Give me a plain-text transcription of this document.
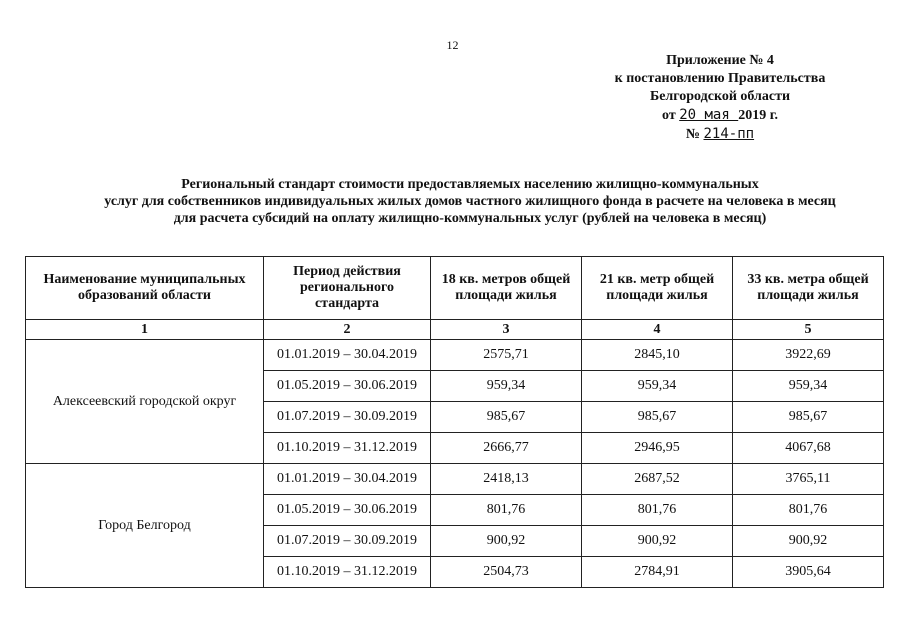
12
Приложение № 4
к постановлению Правительства
Белгородской области
от 20 мая 2019 г.
№ 214-пп
Региональный стандарт стоимости предоставляемых населению жилищно-коммунальных
услуг для собственников индивидуальных жилых домов частного жилищного фонда в расчете на человека в месяц
для расчета субсидий на оплату жилищно-коммунальных услуг (рублей на человека в месяц)
Наименование муниципальных образований области	Период действия регионального стандарта	18 кв. метров общей площади жилья	21 кв. метр общей площади жилья	33 кв. метра общей площади жилья
1	2	3	4	5
Алексеевский городской округ	01.01.2019 – 30.04.2019	2575,71	2845,10	3922,69
	01.05.2019 – 30.06.2019	959,34	959,34	959,34
	01.07.2019 – 30.09.2019	985,67	985,67	985,67
	01.10.2019 – 31.12.2019	2666,77	2946,95	4067,68
Город Белгород	01.01.2019 – 30.04.2019	2418,13	2687,52	3765,11
	01.05.2019 – 30.06.2019	801,76	801,76	801,76
	01.07.2019 – 30.09.2019	900,92	900,92	900,92
	01.10.2019 – 31.12.2019	2504,73	2784,91	3905,64
